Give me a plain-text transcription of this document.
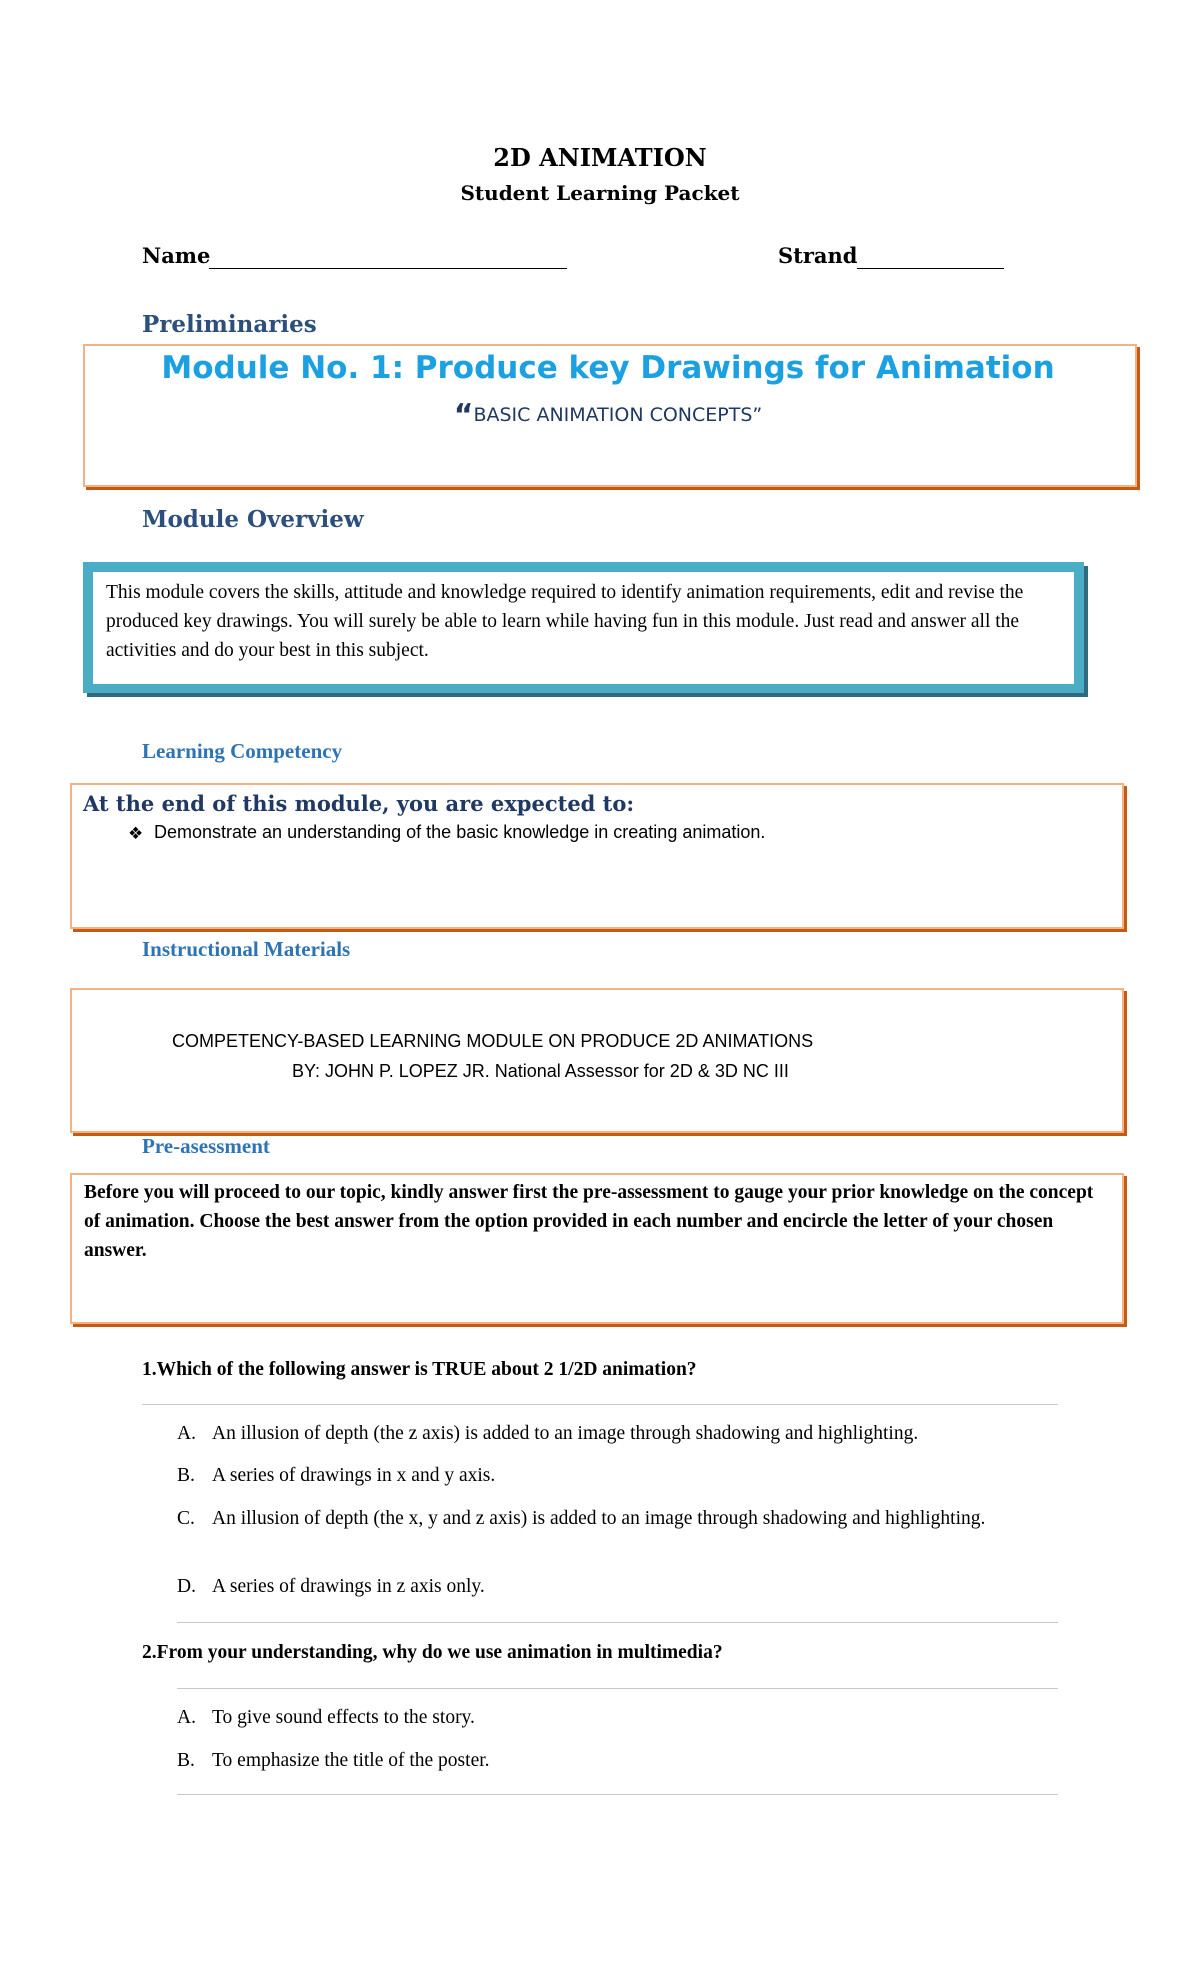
2D ANIMATION
Student Learning Packet
Name	Strand
Preliminaries
Module No. 1: Produce key Drawings for Animation
“BASIC ANIMATION CONCEPTS”
Module Overview
This module covers the skills, attitude and knowledge required to identify animation requirements, edit and revise the produced key drawings. You will surely be able to learn while having fun in this module. Just read and answer all the activities and do your best in this subject.
Learning Competency
At the end of this module, you are expected to:
❖ Demonstrate an understanding of the basic knowledge in creating animation.
Instructional Materials
COMPETENCY-BASED LEARNING MODULE ON PRODUCE 2D ANIMATIONS
BY: JOHN P. LOPEZ JR. National Assessor for 2D & 3D NC III
Pre-asessment
Before you will proceed to our topic, kindly answer first the pre-assessment to gauge your prior knowledge on the concept of animation. Choose the best answer from the option provided in each number and encircle the letter of your chosen answer.
1.Which of the following answer is TRUE about 2 1/2D animation?
A. An illusion of depth (the z axis) is added to an image through shadowing and highlighting.
B. A series of drawings in x and y axis.
C. An illusion of depth (the x, y and z axis) is added to an image through shadowing and highlighting.
D. A series of drawings in z axis only.
2.From your understanding, why do we use animation in multimedia?
A. To give sound effects to the story.
B. To emphasize the title of the poster.
